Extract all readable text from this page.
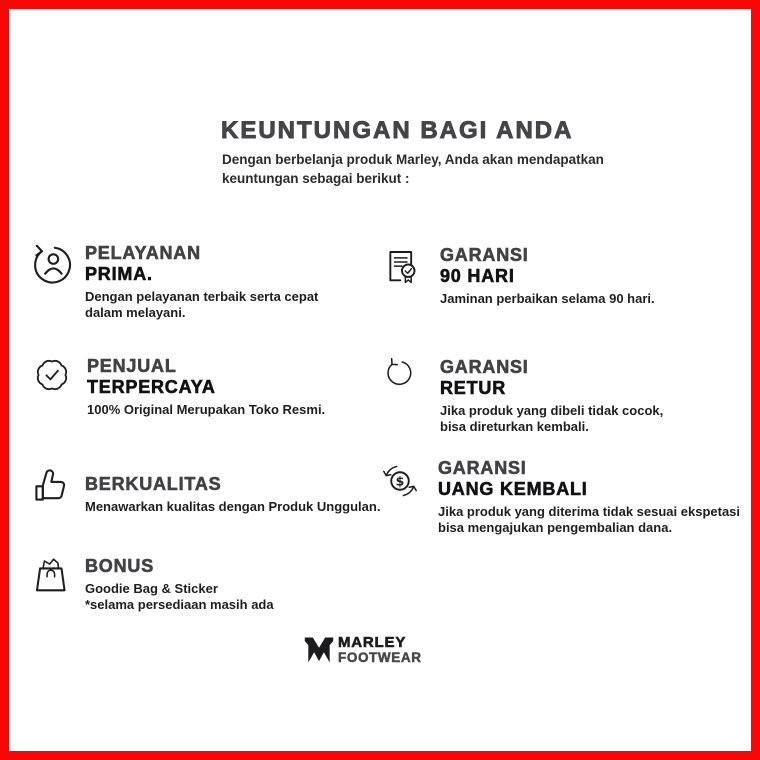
KEUNTUNGAN BAGI ANDA
Dengan berbelanja produk Marley, Anda akan mendapatkan
keuntungan sebagai berikut :
PELAYANAN
PRIMA.
Dengan pelayanan terbaik serta cepat
dalam melayani.
PENJUAL
TERPERCAYA
100% Original Merupakan Toko Resmi.
BERKUALITAS
Menawarkan kualitas dengan Produk Unggulan.
BONUS
Goodie Bag & Sticker
*selama persediaan masih ada
GARANSI
90 HARI
Jaminan perbaikan selama 90 hari.
GARANSI
RETUR
Jika produk yang dibeli tidak cocok,
bisa direturkan kembali.
$
GARANSI
UANG KEMBALI
Jika produk yang diterima tidak sesuai ekspetasi
bisa mengajukan pengembalian dana.
MARLEY
FOOTWEAR
